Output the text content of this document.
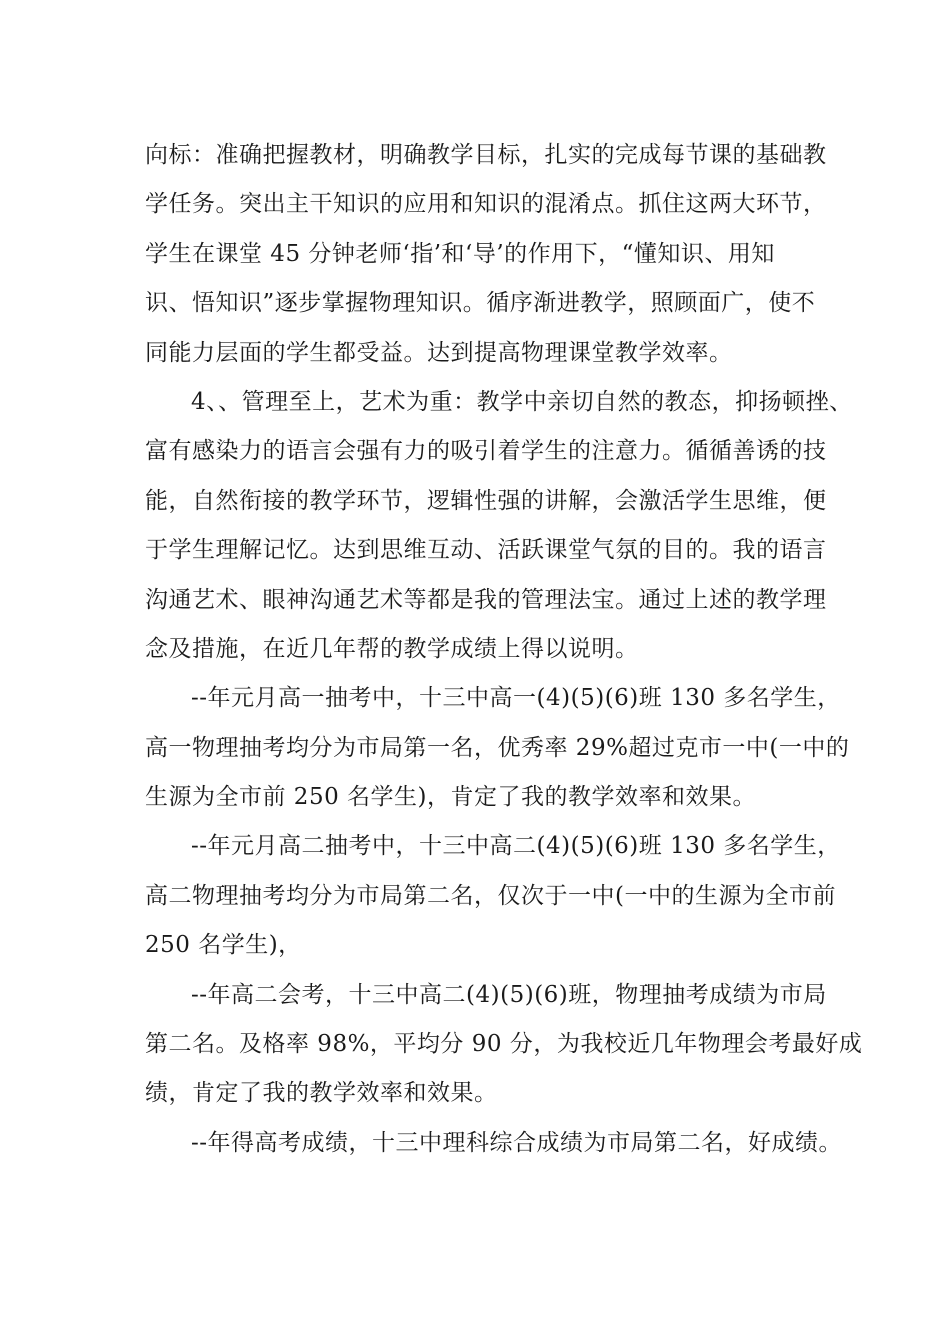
向标：准确把握教材，明确教学目标，扎实的完成每节课的基础教
学任务。突出主干知识的应用和知识的混淆点。抓住这两大环节，
学生在课堂 45 分钟老师‘指’和‘导’的作用下，“懂知识、用知
识、悟知识”逐步掌握物理知识。循序渐进教学，照顾面广，使不
同能力层面的学生都受益。达到提高物理课堂教学效率。
4、、管理至上，艺术为重：教学中亲切自然的教态，抑扬顿挫、
富有感染力的语言会强有力的吸引着学生的注意力。循循善诱的技
能，自然衔接的教学环节，逻辑性强的讲解，会激活学生思维，便
于学生理解记忆。达到思维互动、活跃课堂气氛的目的。我的语言
沟通艺术、眼神沟通艺术等都是我的管理法宝。通过上述的教学理
念及措施，在近几年帮的教学成绩上得以说明。
--年元月高一抽考中，十三中高一(4)(5)(6)班 130 多名学生，
高一物理抽考均分为市局第一名，优秀率 29%超过克市一中(一中的
生源为全市前 250 名学生)，肯定了我的教学效率和效果。
--年元月高二抽考中，十三中高二(4)(5)(6)班 130 多名学生，
高二物理抽考均分为市局第二名，仅次于一中(一中的生源为全市前
250 名学生)，
--年高二会考，十三中高二(4)(5)(6)班，物理抽考成绩为市局
第二名。及格率 98%，平均分 90 分，为我校近几年物理会考最好成
绩，肯定了我的教学效率和效果。
--年得高考成绩，十三中理科综合成绩为市局第二名，好成绩。
